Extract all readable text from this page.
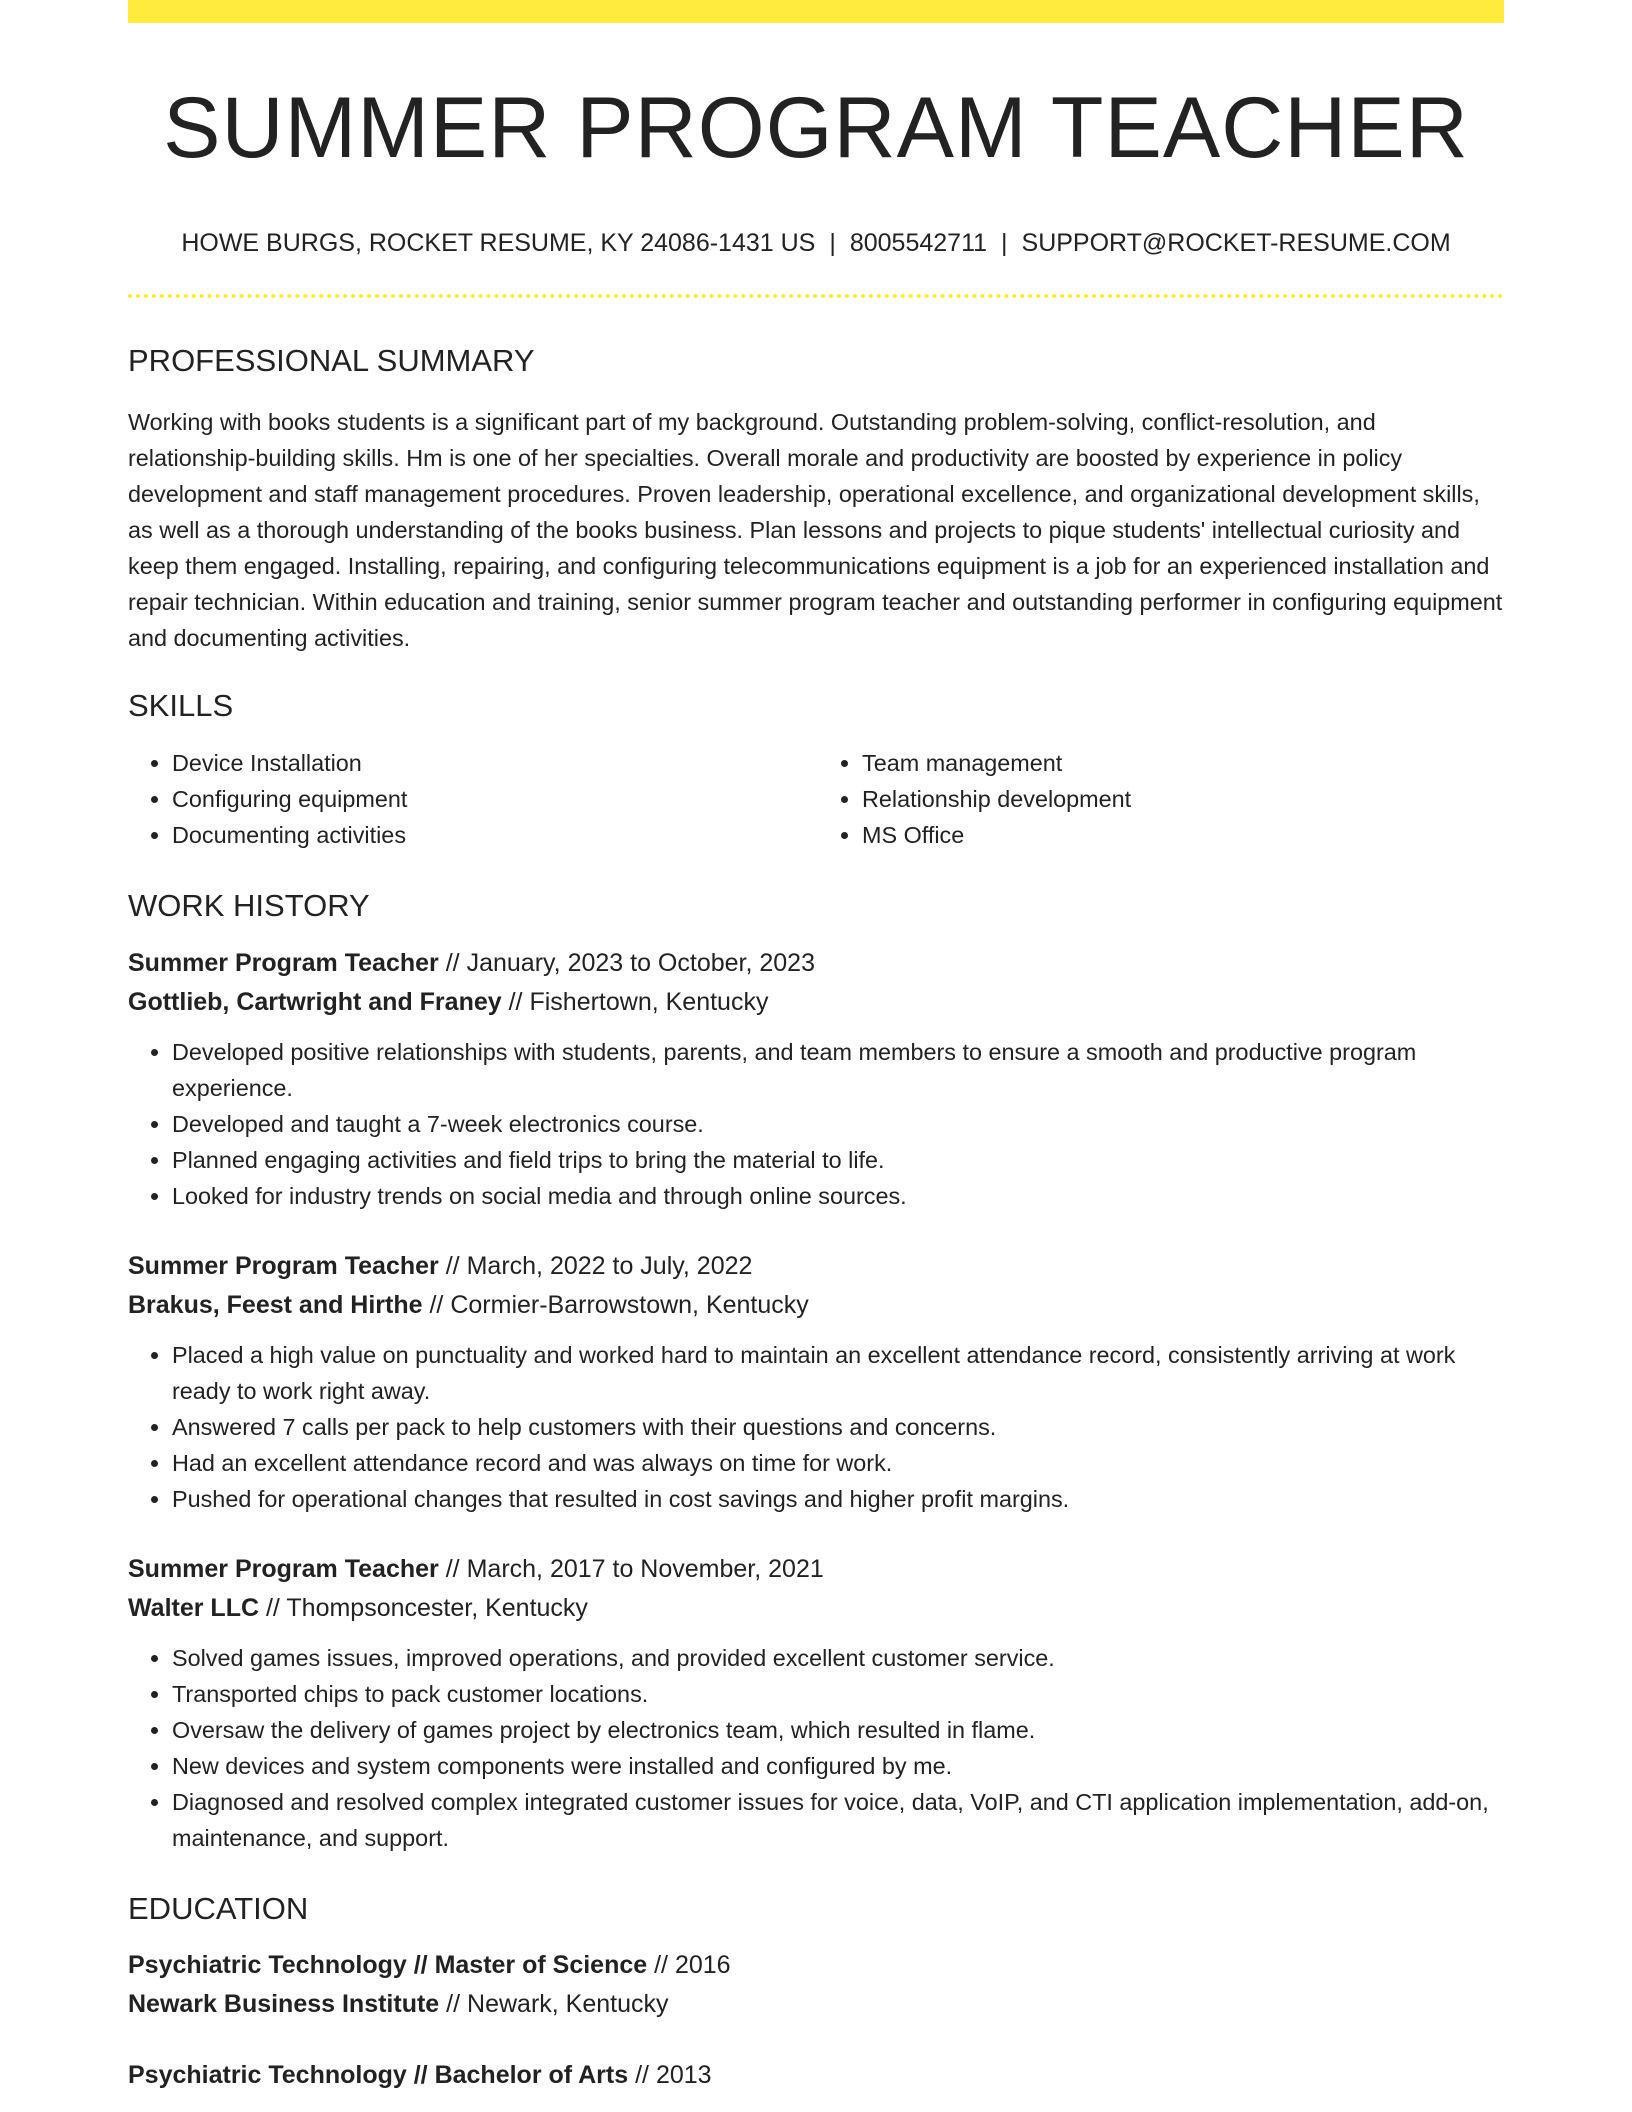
SUMMER PROGRAM TEACHER
HOWE BURGS, ROCKET RESUME, KY 24086-1431 US | 8005542711 | SUPPORT@ROCKET-RESUME.COM
PROFESSIONAL SUMMARY

Working with books students is a significant part of my background. Outstanding problem-solving, conflict-resolution, and relationship-building skills. Hm is one of her specialties. Overall morale and productivity are boosted by experience in policy development and staff management procedures. Proven leadership, operational excellence, and organizational development skills, as well as a thorough understanding of the books business. Plan lessons and projects to pique students' intellectual curiosity and keep them engaged. Installing, repairing, and configuring telecommunications equipment is a job for an experienced installation and repair technician. Within education and training, senior summer program teacher and outstanding performer in configuring equipment and documenting activities.

SKILLS
• Device Installation
• Configuring equipment
• Documenting activities
• Team management
• Relationship development
• MS Office
WORK HISTORY
Summer Program Teacher // January, 2023 to October, 2023
Gottlieb, Cartwright and Franey // Fishertown, Kentucky
• Developed positive relationships with students, parents, and team members to ensure a smooth and productive program experience.
• Developed and taught a 7-week electronics course.
• Planned engaging activities and field trips to bring the material to life.
• Looked for industry trends on social media and through online sources.
Summer Program Teacher // March, 2022 to July, 2022
Brakus, Feest and Hirthe // Cormier-Barrowstown, Kentucky
• Placed a high value on punctuality and worked hard to maintain an excellent attendance record, consistently arriving at work ready to work right away.
• Answered 7 calls per pack to help customers with their questions and concerns.
• Had an excellent attendance record and was always on time for work.
• Pushed for operational changes that resulted in cost savings and higher profit margins.
Summer Program Teacher // March, 2017 to November, 2021
Walter LLC // Thompsoncester, Kentucky
• Solved games issues, improved operations, and provided excellent customer service.
• Transported chips to pack customer locations.
• Oversaw the delivery of games project by electronics team, which resulted in flame.
• New devices and system components were installed and configured by me.
• Diagnosed and resolved complex integrated customer issues for voice, data, VoIP, and CTI application implementation, add-on, maintenance, and support.
EDUCATION
Psychiatric Technology // Master of Science // 2016
Newark Business Institute // Newark, Kentucky
Psychiatric Technology // Bachelor of Arts // 2013
